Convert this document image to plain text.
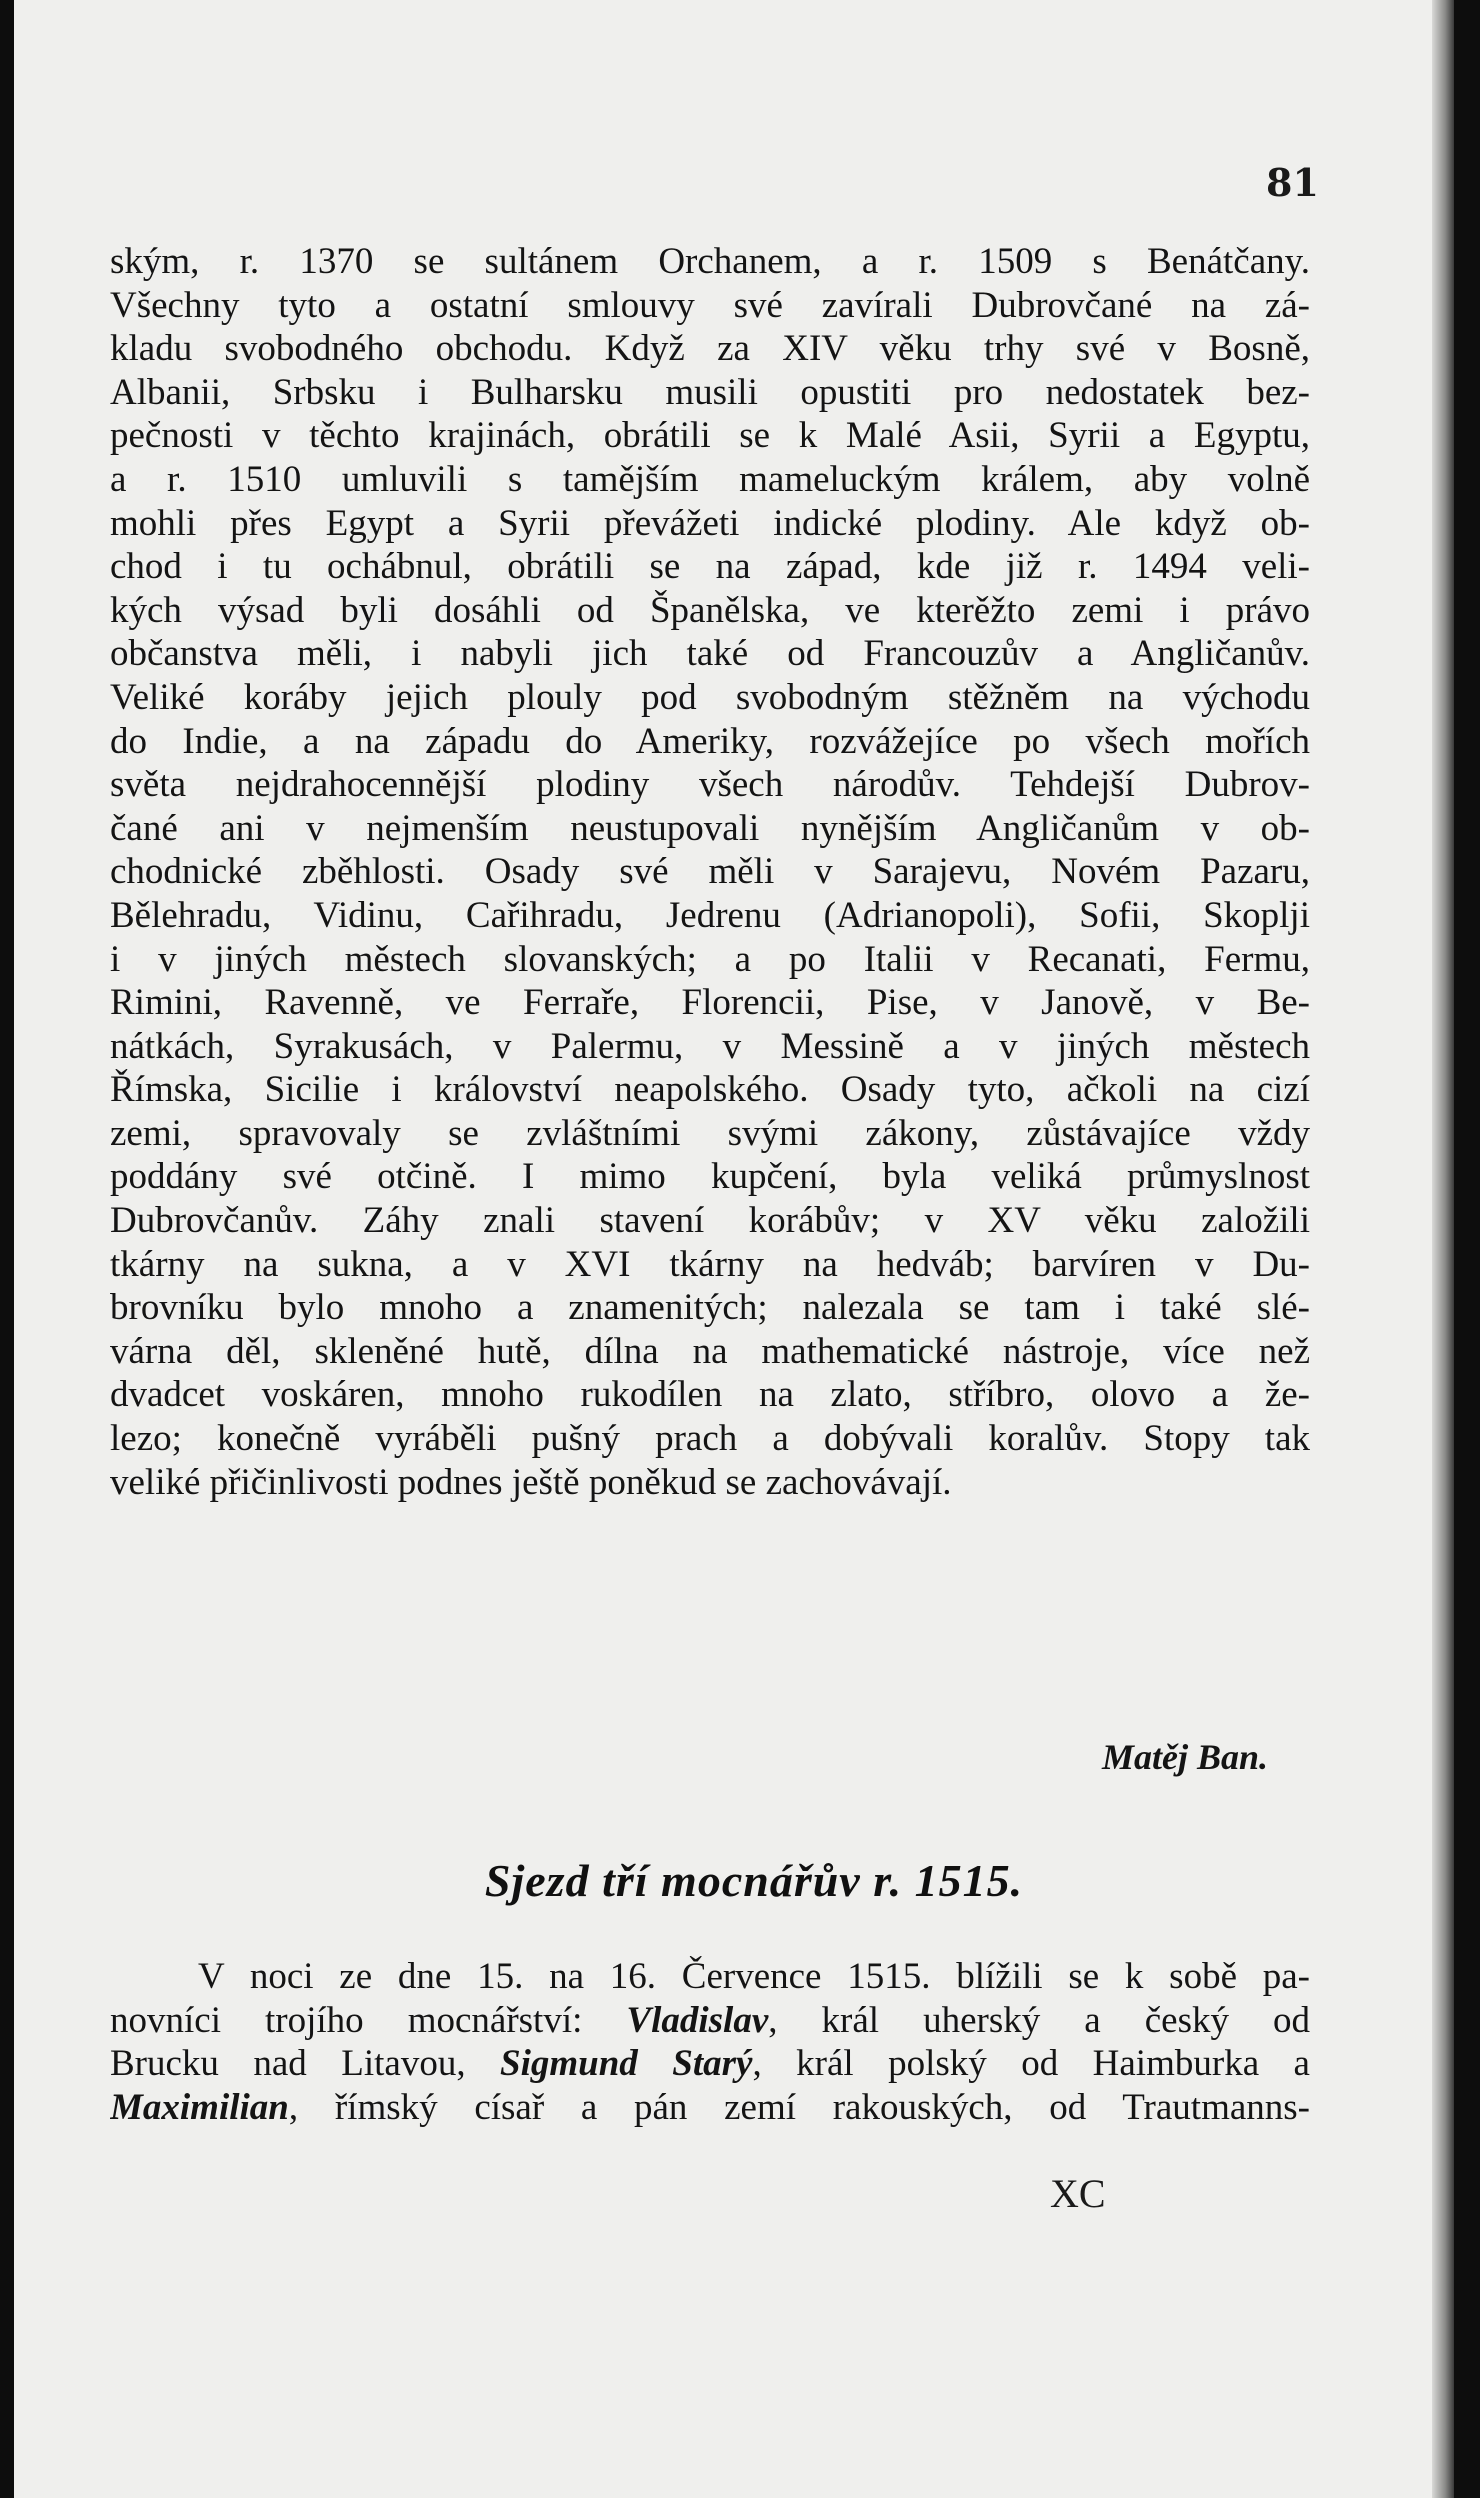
81
ským, r. 1370 se sultánem Orchanem, a r. 1509 s Benátčany.
Všechny tyto a ostatní smlouvy své zavírali Dubrovčané na zá-
kladu svobodného obchodu. Když za XIV věku trhy své v Bosně,
Albanii, Srbsku i Bulharsku musili opustiti pro nedostatek bez-
pečnosti v těchto krajinách, obrátili se k Malé Asii, Syrii a Egyptu,
a r. 1510 umluvili s tamějším mameluckým králem, aby volně
mohli přes Egypt a Syrii převážeti indické plodiny. Ale když ob-
chod i tu ochábnul, obrátili se na západ, kde již r. 1494 veli-
kých výsad byli dosáhli od Španělska, ve kterěžto zemi i právo
občanstva měli, i nabyli jich také od Francouzův a Angličanův.
Veliké koráby jejich plouly pod svobodným stěžněm na východu
do Indie, a na západu do Ameriky, rozvážejíce po všech mořích
světa nejdrahocennější plodiny všech národův. Tehdejší Dubrov-
čané ani v nejmenším neustupovali nynějším Angličanům v ob-
chodnické zběhlosti. Osady své měli v Sarajevu, Novém Pazaru,
Bělehradu, Vidinu, Cařihradu, Jedrenu (Adrianopoli), Sofii, Skoplji
i v jiných městech slovanských; a po Italii v Recanati, Fermu,
Rimini, Ravenně, ve Ferraře, Florencii, Pise, v Janově, v Be-
nátkách, Syrakusách, v Palermu, v Messině a v jiných městech
Římska, Sicilie i království neapolského. Osady tyto, ačkoli na cizí
zemi, spravovaly se zvláštními svými zákony, zůstávajíce vždy
poddány své otčině. I mimo kupčení, byla veliká průmyslnost
Dubrovčanův. Záhy znali stavení korábův; v XV věku založili
tkárny na sukna, a v XVI tkárny na hedváb; barvíren v Du-
brovníku bylo mnoho a znamenitých; nalezala se tam i také slé-
várna děl, skleněné hutě, dílna na mathematické nástroje, více než
dvadcet voskáren, mnoho rukodílen na zlato, stříbro, olovo a že-
lezo; konečně vyráběli pušný prach a dobývali koralův. Stopy tak
veliké přičinlivosti podnes ještě poněkud se zachovávají.
Matěj Ban.
Sjezd tří mocnářův r. 1515.
V noci ze dne 15. na 16. Července 1515. blížili se k sobě pa-
novníci trojího mocnářství: Vladislav, král uherský a český od
Brucku nad Litavou, Sigmund Starý, král polský od Haimburka a
Maximilian, římský císař a pán zemí rakouských, od Trautmanns-
XC
